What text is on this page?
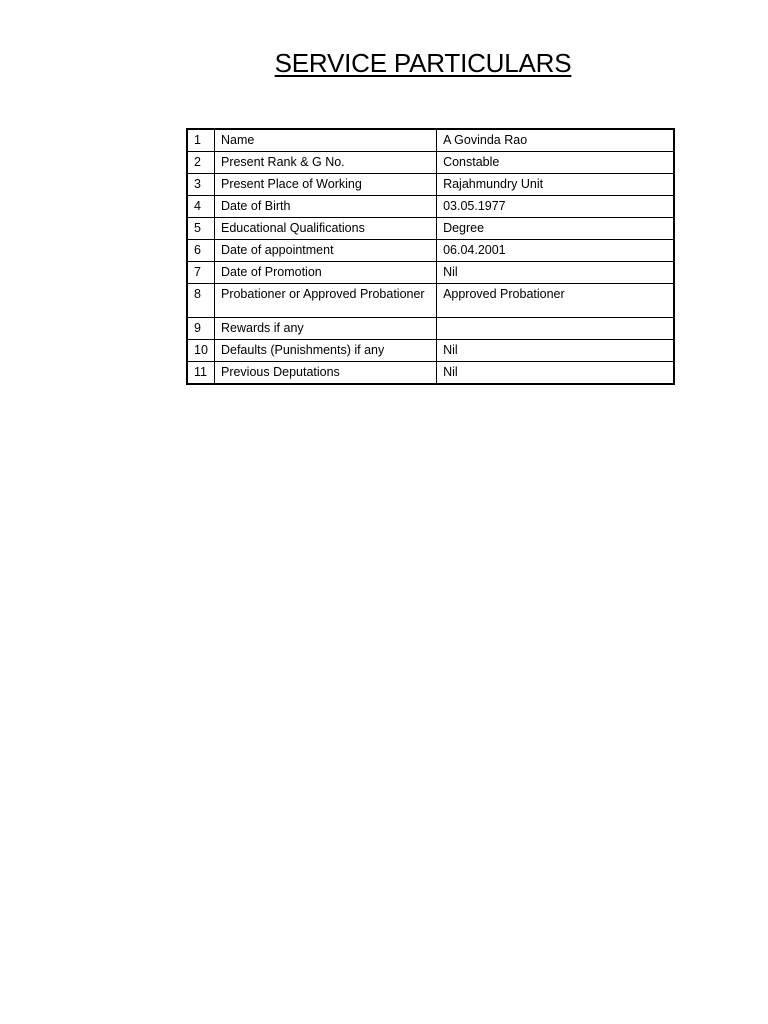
SERVICE PARTICULARS
1	Name	A Govinda Rao
2	Present Rank & G No.	Constable
3	Present Place of Working	Rajahmundry Unit
4	Date of Birth	03.05.1977
5	Educational Qualifications	Degree
6	Date of appointment	06.04.2001
7	Date of Promotion	Nil
8	Probationer or Approved Probationer	Approved Probationer
9	Rewards if any	
10	Defaults (Punishments) if any	Nil
11	Previous Deputations	Nil
